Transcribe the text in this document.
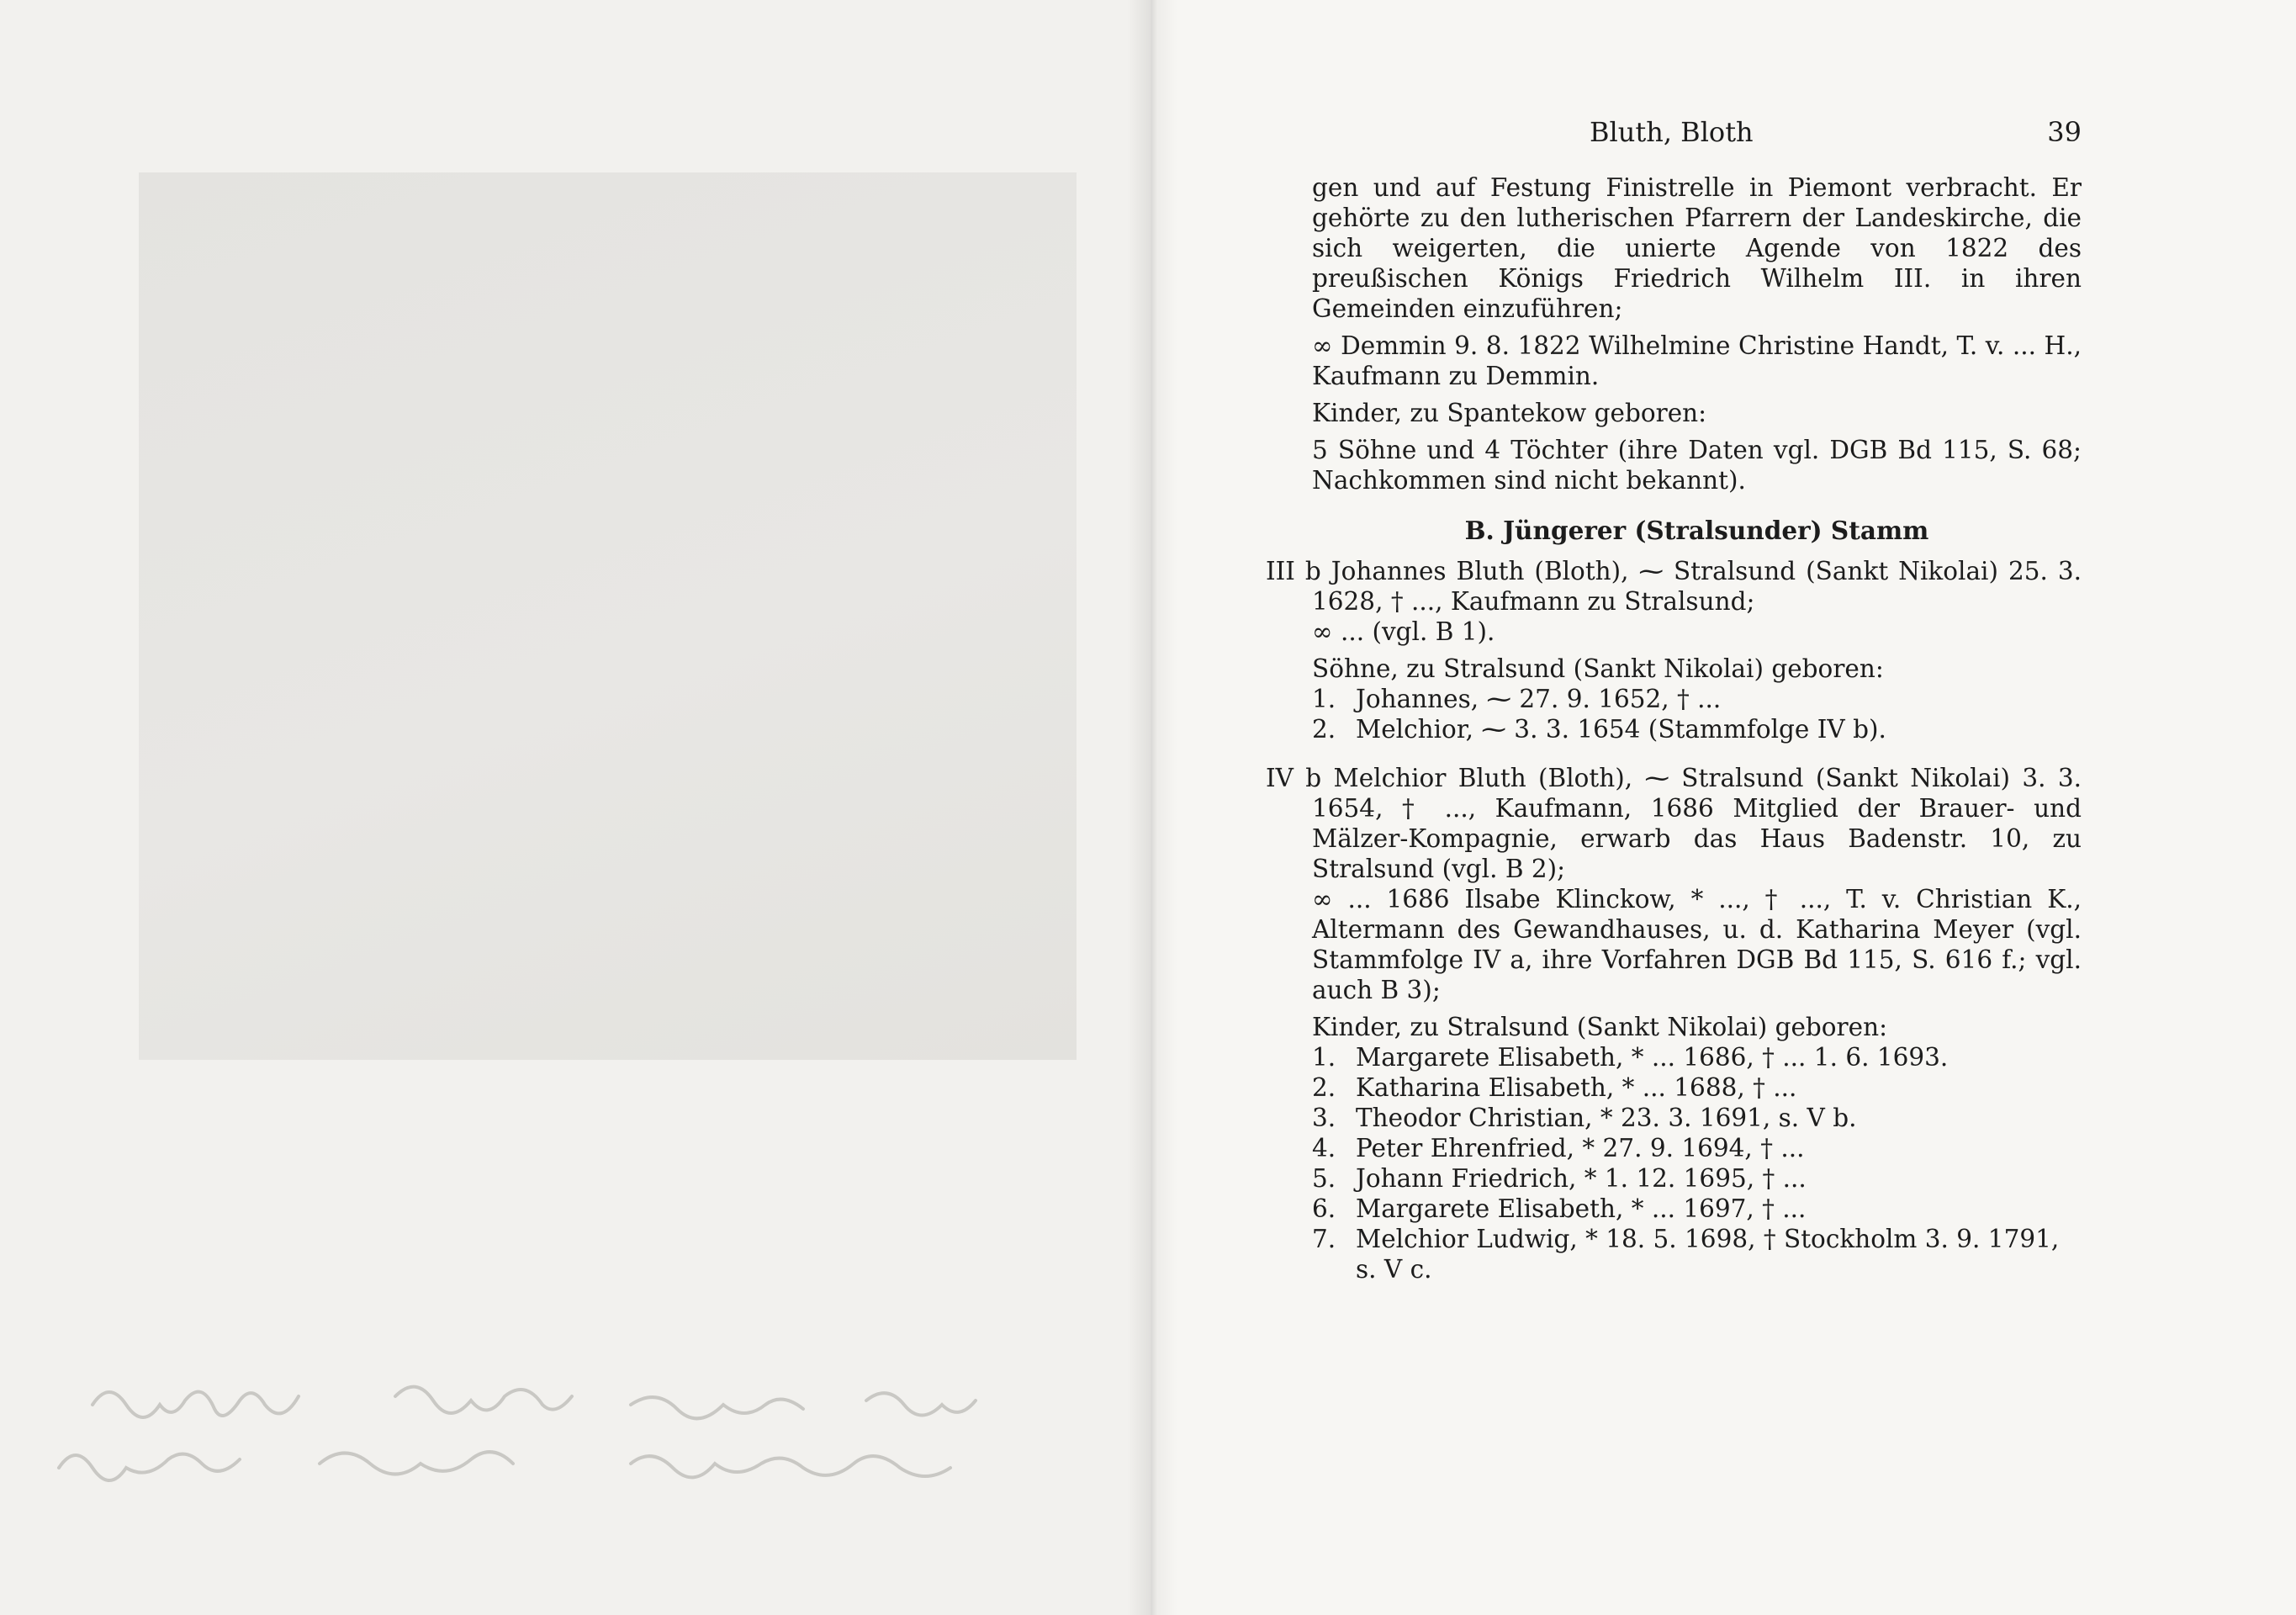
Bluth, Bloth	39

gen und auf Festung Finistrelle in Piemont verbracht. Er gehörte zu den lutherischen Pfarrern der Landeskirche, die sich weigerten, die unierte Agende von 1822 des preußischen Königs Friedrich Wilhelm III. in ihren Gemeinden einzuführen;

∞ Demmin 9. 8. 1822 Wilhelmine Christine Handt, T. v. ... H., Kaufmann zu Demmin.

Kinder, zu Spantekow geboren:

5 Söhne und 4 Töchter (ihre Daten vgl. DGB Bd 115, S. 68; Nachkommen sind nicht bekannt).

B. Jüngerer (Stralsunder) Stamm

III b Johannes Bluth (Bloth), ⁓ Stralsund (Sankt Nikolai) 25. 3. 1628, † ..., Kaufmann zu Stralsund;

∞ ... (vgl. B 1).

Söhne, zu Stralsund (Sankt Nikolai) geboren:

1. Johannes, ⁓ 27. 9. 1652, † ...
2. Melchior, ⁓ 3. 3. 1654 (Stammfolge IV b).
IV b Melchior Bluth (Bloth), ⁓ Stralsund (Sankt Nikolai) 3. 3. 1654, † ..., Kaufmann, 1686 Mitglied der Brauer- und Mälzer-Kompagnie, erwarb das Haus Badenstr. 10, zu Stralsund (vgl. B 2);

∞ ... 1686 Ilsabe Klinckow, * ..., † ..., T. v. Christian K., Altermann des Gewandhauses, u. d. Katharina Meyer (vgl. Stammfolge IV a, ihre Vorfahren DGB Bd 115, S. 616 f.; vgl. auch B 3);

Kinder, zu Stralsund (Sankt Nikolai) geboren:

1. Margarete Elisabeth, * ... 1686, † ... 1. 6. 1693.
2. Katharina Elisabeth, * ... 1688, † ...
3. Theodor Christian, * 23. 3. 1691, s. V b.
4. Peter Ehrenfried, * 27. 9. 1694, † ...
5. Johann Friedrich, * 1. 12. 1695, † ...
6. Margarete Elisabeth, * ... 1697, † ...
7. Melchior Ludwig, * 18. 5. 1698, † Stockholm 3. 9. 1791, s. V c.
